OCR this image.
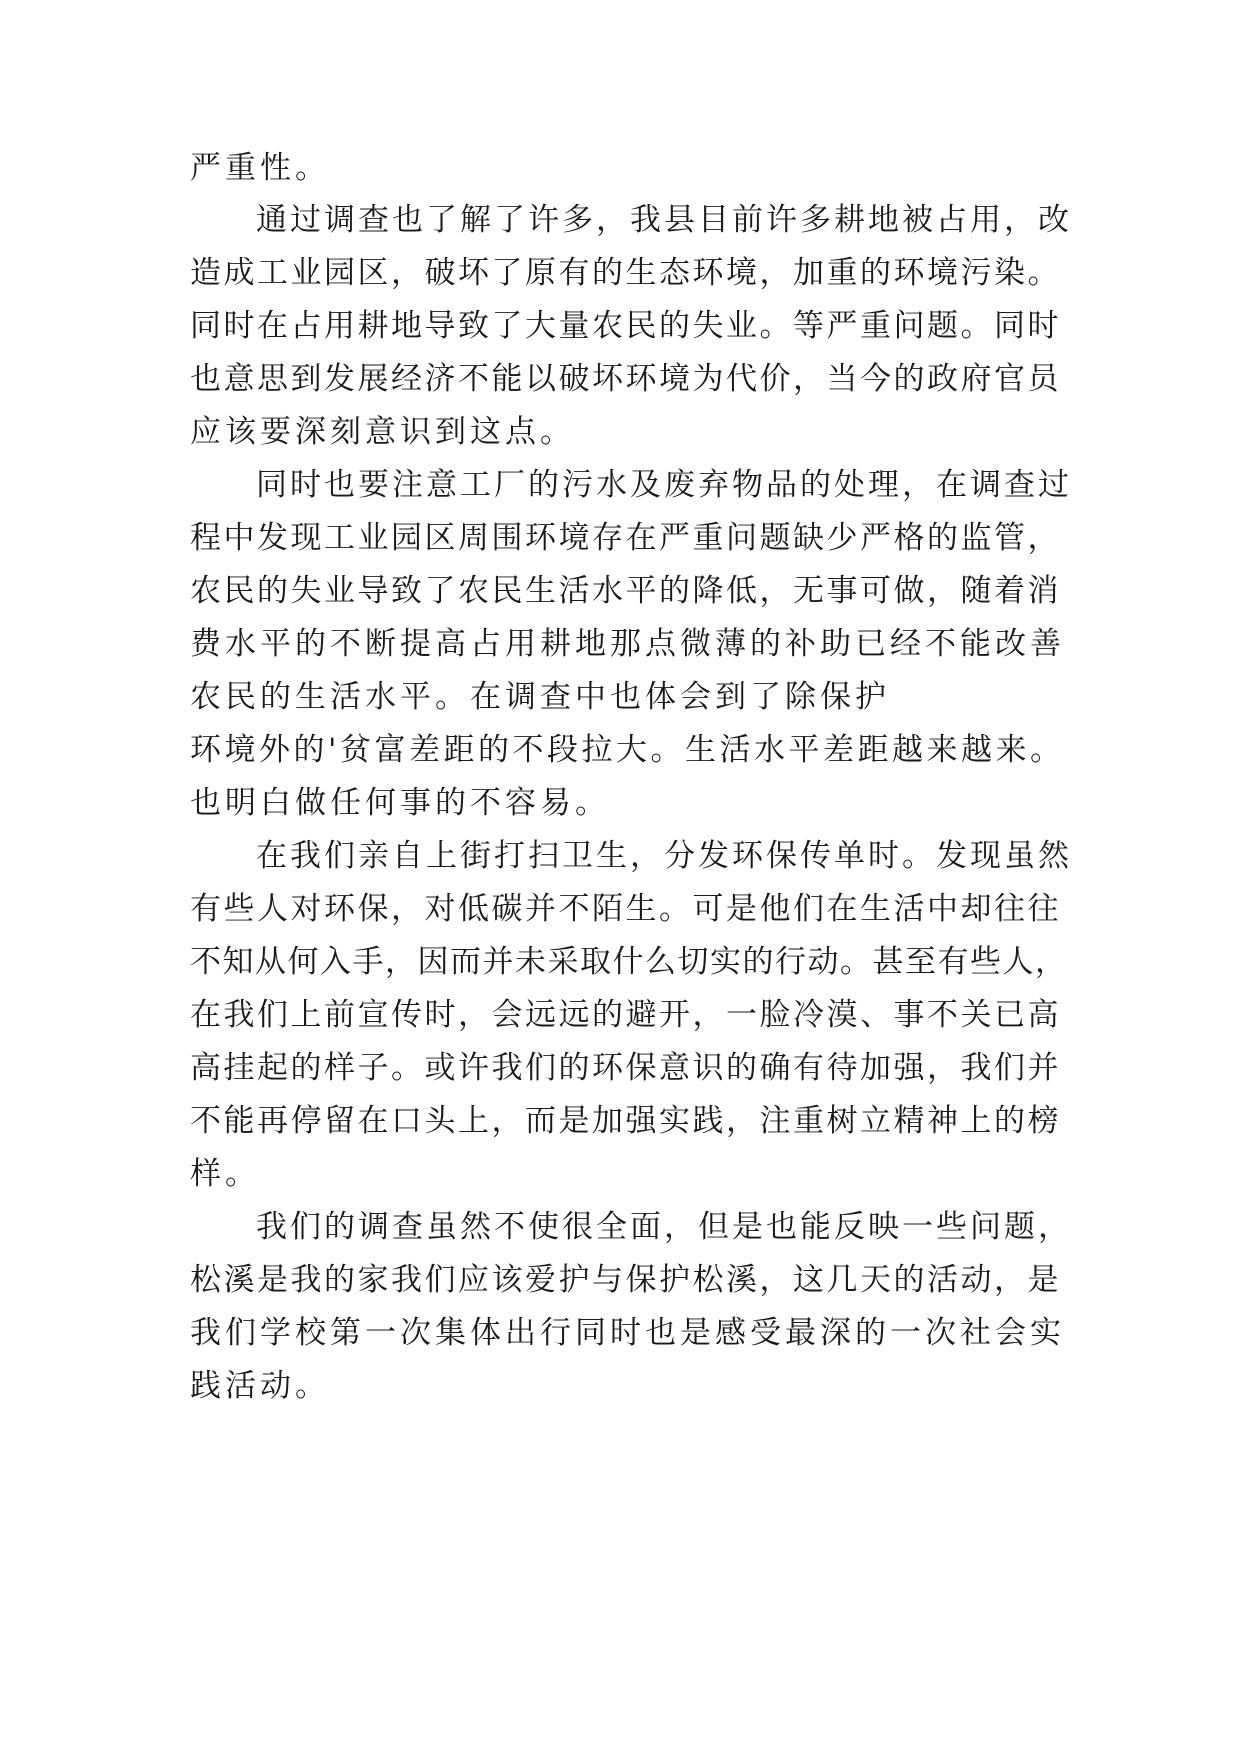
严重性。
通过调查也了解了许多，我县目前许多耕地被占用，改
造成工业园区，破坏了原有的生态环境，加重的环境污染。
同时在占用耕地导致了大量农民的失业。等严重问题。同时
也意思到发展经济不能以破坏环境为代价，当今的政府官员
应该要深刻意识到这点。
同时也要注意工厂的污水及废弃物品的处理，在调查过
程中发现工业园区周围环境存在严重问题缺少严格的监管，
农民的失业导致了农民生活水平的降低，无事可做，随着消
费水平的不断提高占用耕地那点微薄的补助已经不能改善
农民的生活水平。在调查中也体会到了除保护
环境外的'贫富差距的不段拉大。生活水平差距越来越来。
也明白做任何事的不容易。
在我们亲自上街打扫卫生，分发环保传单时。发现虽然
有些人对环保，对低碳并不陌生。可是他们在生活中却往往
不知从何入手，因而并未采取什么切实的行动。甚至有些人，
在我们上前宣传时，会远远的避开，一脸冷漠、事不关已高
高挂起的样子。或许我们的环保意识的确有待加强，我们并
不能再停留在口头上，而是加强实践，注重树立精神上的榜
样。
我们的调查虽然不使很全面，但是也能反映一些问题，
松溪是我的家我们应该爱护与保护松溪，这几天的活动，是
我们学校第一次集体出行同时也是感受最深的一次社会实
践活动。
